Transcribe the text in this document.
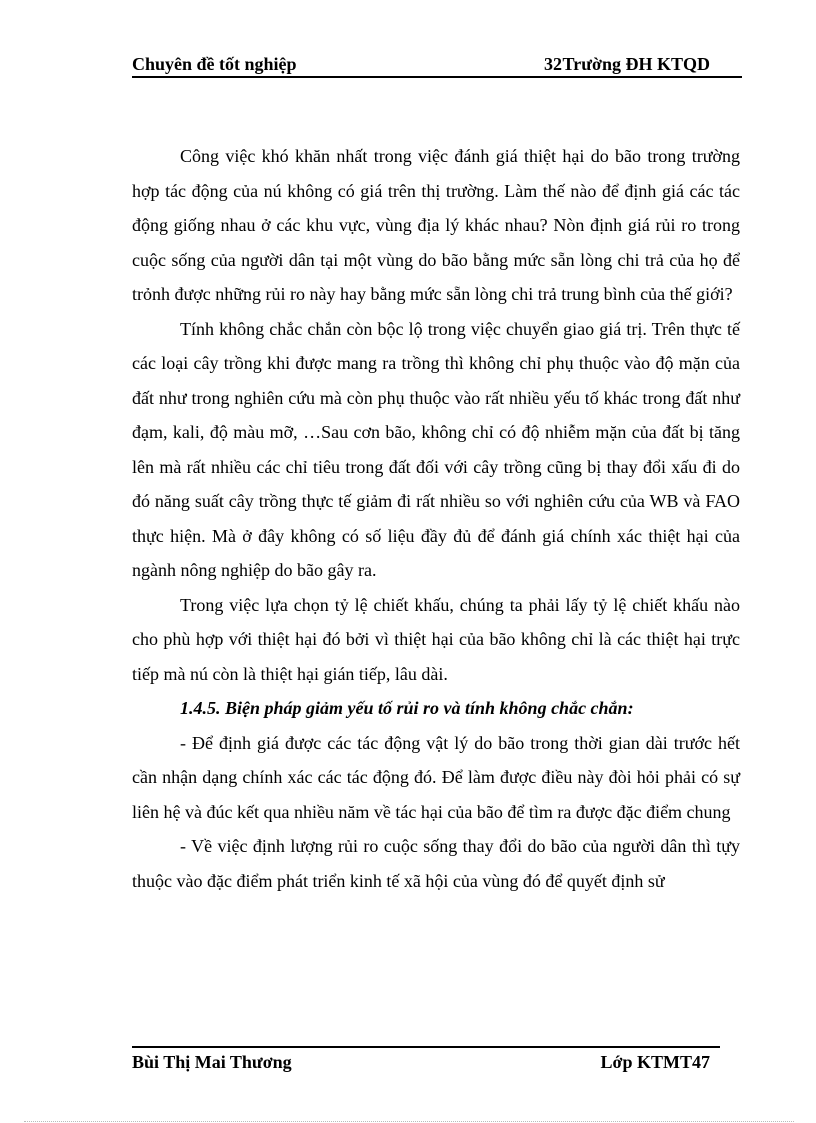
Chuyên đề tốt nghiệp	32 Trường ĐH KTQD

Công việc khó khăn nhất trong việc đánh giá thiệt hại do bão trong trường hợp tác động của nú không có giá trên thị trường. Làm thế nào để định giá các tác động giống nhau ở các khu vực, vùng địa lý khác nhau? Nòn định giá rủi ro trong cuộc sống của người dân tại một vùng do bão bằng mức sẵn lòng chi trả của họ để trỏnh được những rủi ro này hay bằng mức sẵn lòng chi trả trung bình của thế giới?

Tính không chắc chắn còn bộc lộ trong việc chuyển giao giá trị. Trên thực tế các loại cây trồng khi được mang ra trồng thì không chỉ phụ thuộc vào độ mặn của đất như trong nghiên cứu mà còn phụ thuộc vào rất nhiều yếu tố khác trong đất như đạm, kali, độ màu mỡ, …Sau cơn bão, không chỉ có độ nhiễm mặn của đất bị tăng lên mà rất nhiều các chỉ tiêu trong đất đối với cây trồng cũng bị thay đổi xấu đi do đó năng suất cây trồng thực tế giảm đi rất nhiều so với nghiên cứu của WB và FAO thực hiện. Mà ở đây không có số liệu đầy đủ để đánh giá chính xác thiệt hại của ngành nông nghiệp do bão gây ra.

Trong việc lựa chọn tỷ lệ chiết khấu, chúng ta phải lấy tỷ lệ chiết khấu nào cho phù hợp với thiệt hại đó bởi vì thiệt hại của bão không chỉ là các thiệt hại trực tiếp mà nú còn là thiệt hại gián tiếp, lâu dài.

1.4.5. Biện pháp giảm yếu tố rủi ro và tính không chắc chắn:

- Để định giá được các tác động vật lý do bão trong thời gian dài trước hết cần nhận dạng chính xác các tác động đó. Để làm được điều này đòi hỏi phải có sự liên hệ và đúc kết qua nhiều năm về tác hại của bão để tìm ra được đặc điểm chung

- Về việc định lượng rủi ro cuộc sống thay đổi do bão của người dân thì tựy thuộc vào đặc điểm phát triển kinh tế xã hội của vùng đó để quyết định sử

Bùi Thị Mai Thương	Lớp KTMT47
